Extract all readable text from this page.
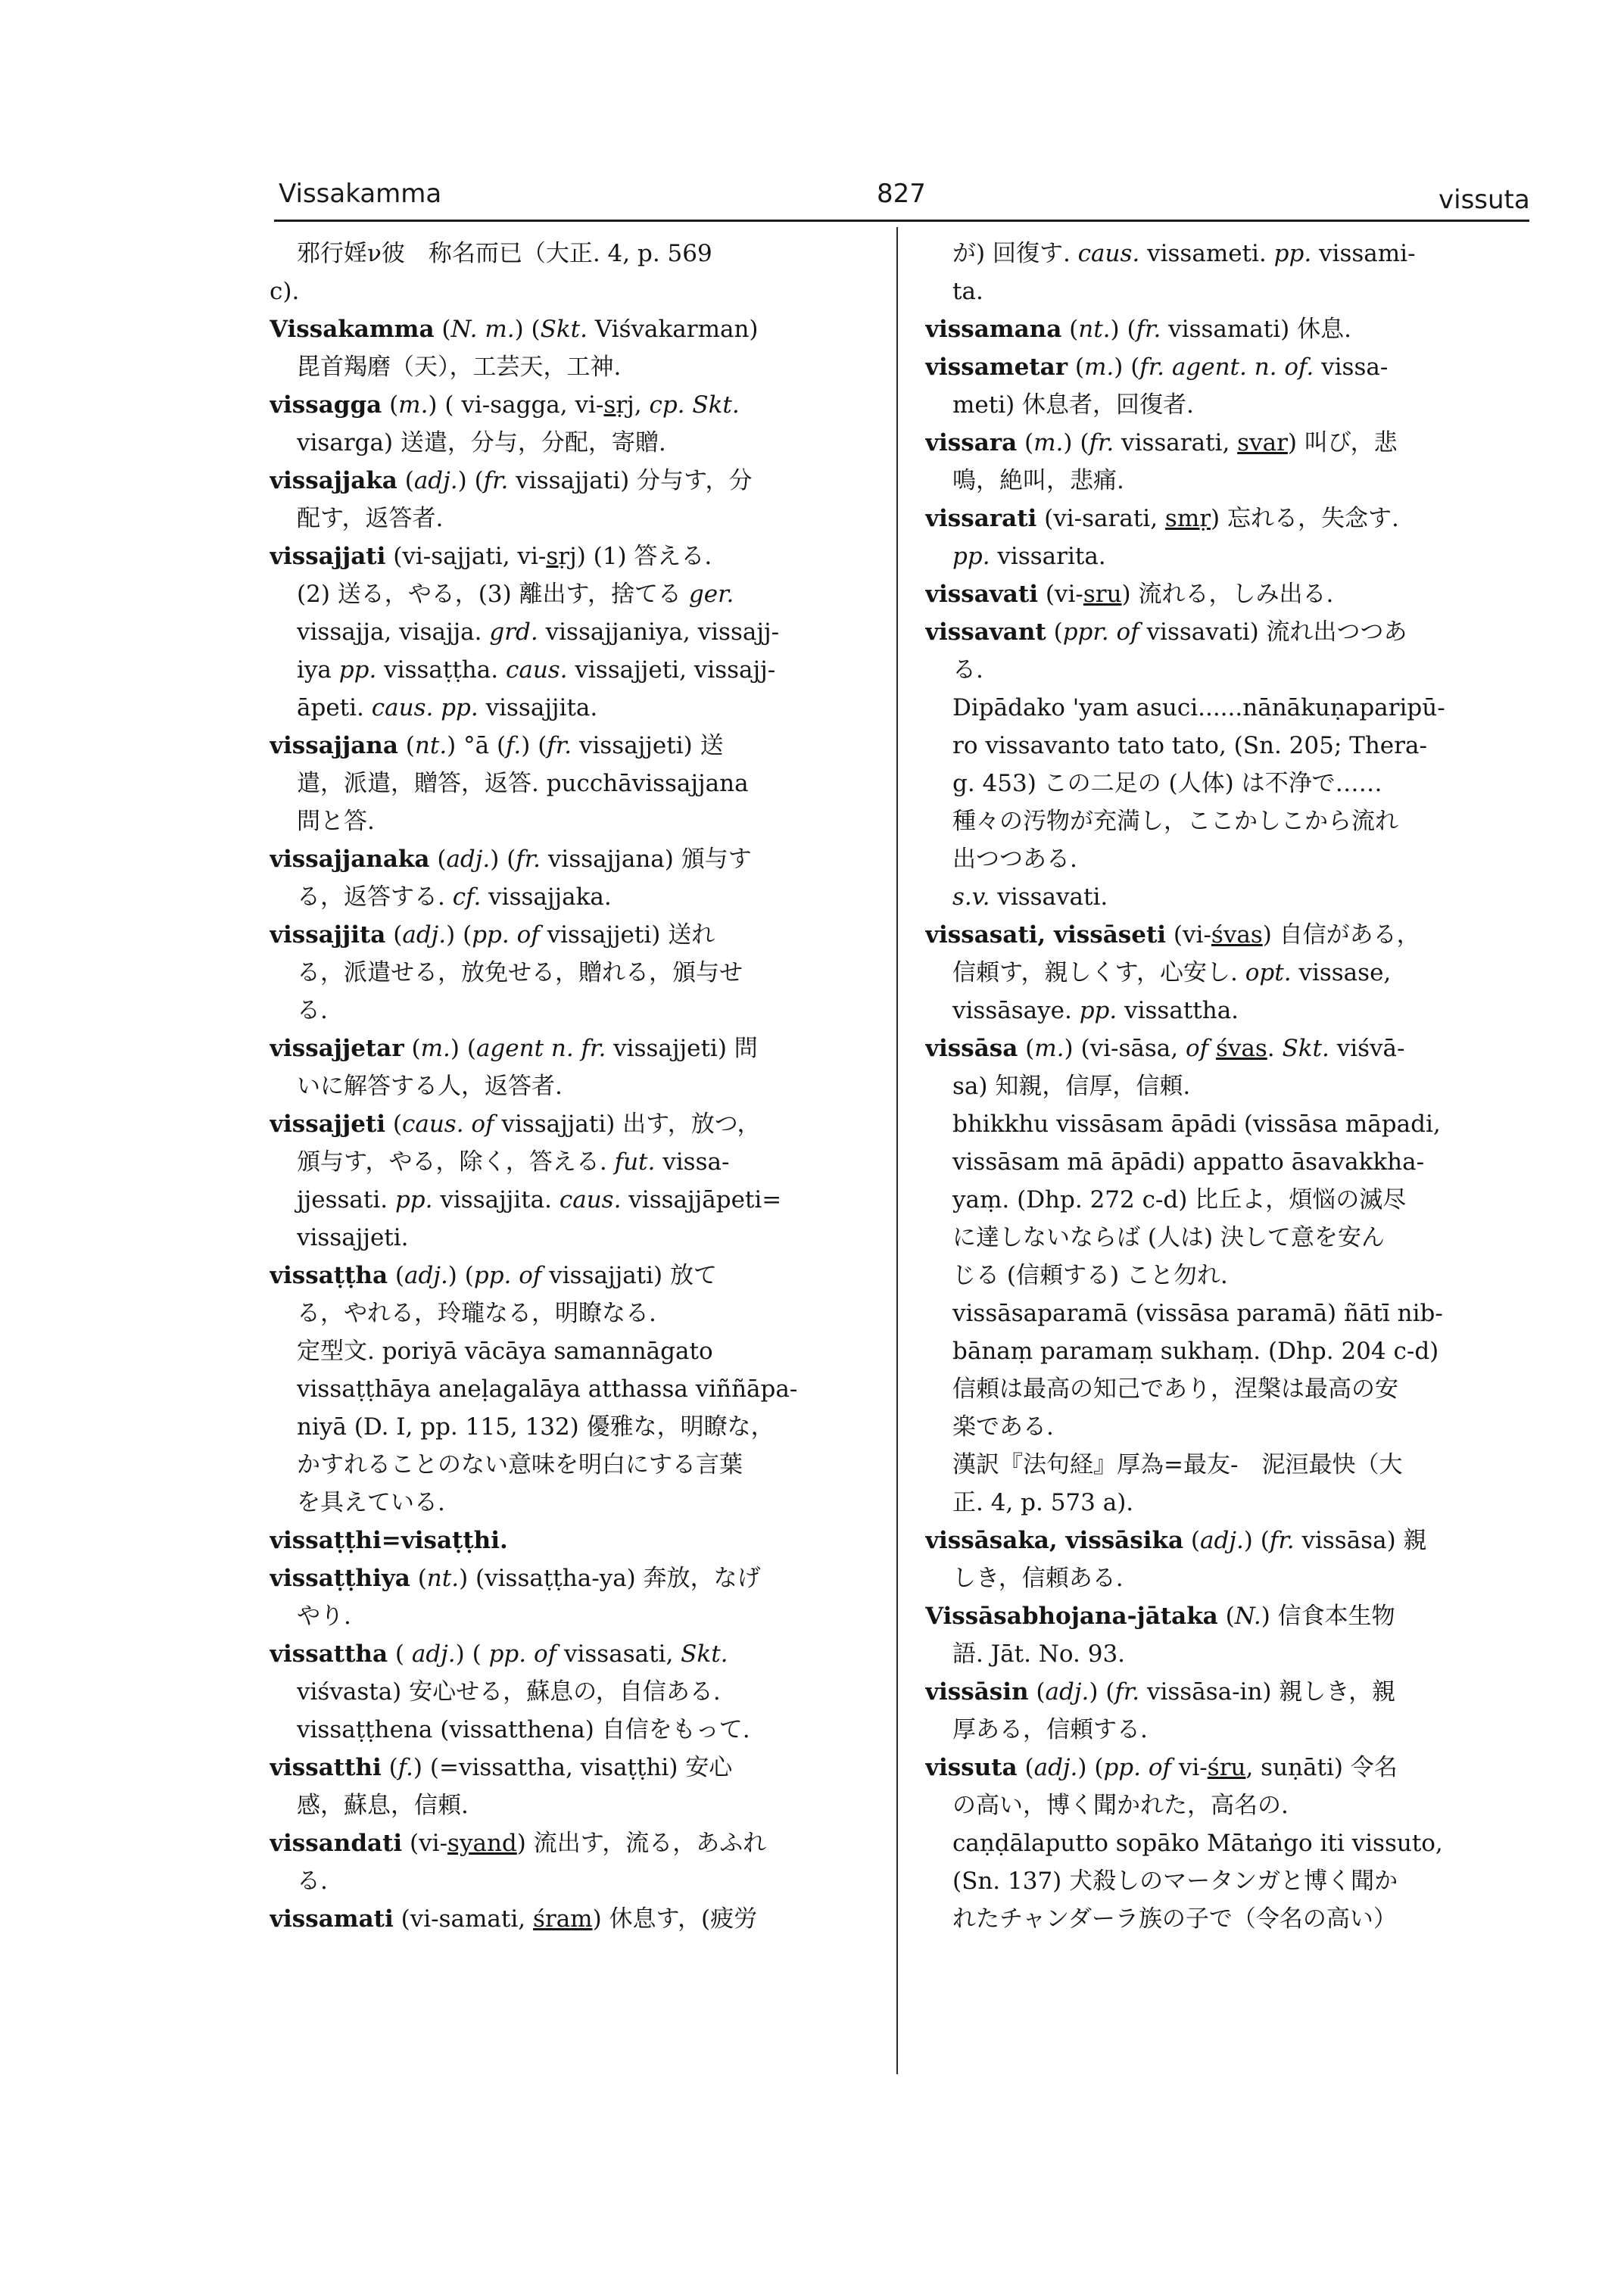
Vissakamma	827	vissuta
邪行婬ν彼　称名而已（大正. 4, p. 569
c).
Vissakamma (N. m.) (Skt. Viśvakarman)
毘首羯磨（天），工芸天，工神.
vissagga (m.) ( vi-sagga, vi-sṛj, cp. Skt.
visarga) 送遣，分与，分配，寄贈.
vissajjaka (adj.) (fr. vissajjati) 分与す，分
配す，返答者.
vissajjati (vi-sajjati, vi-sṛj) (1) 答える.
(2) 送る，やる，(3) 離出す，捨てる ger.
vissajja, visajja. grd. vissajjaniya, vissajj-
iya pp. vissaṭṭha. caus. vissajjeti, vissajj-
āpeti. caus. pp. vissajjita.
vissajjana (nt.) °ā (f.) (fr. vissajjeti) 送
遣，派遣，贈答，返答. pucchāvissajjana
問と答.
vissajjanaka (adj.) (fr. vissajjana) 頒与す
る，返答する. cf. vissajjaka.
vissajjita (adj.) (pp. of vissajjeti) 送れ
る，派遣せる，放免せる，贈れる，頒与せ
る.
vissajjetar (m.) (agent n. fr. vissajjeti) 問
いに解答する人，返答者.
vissajjeti (caus. of vissajjati) 出す，放つ，
頒与す，やる，除く，答える. fut. vissa-
jjessati. pp. vissajjita. caus. vissajjāpeti=
vissajjeti.
vissaṭṭha (adj.) (pp. of vissajjati) 放て
る，やれる，玲瓏なる，明瞭なる.
定型文. poriyā vācāya samannāgato
vissaṭṭhāya aneḷagalāya atthassa viññāpa-
niyā (D. I, pp. 115, 132) 優雅な，明瞭な，
かすれることのない意味を明白にする言葉
を具えている.
vissaṭṭhi=visaṭṭhi.
vissaṭṭhiya (nt.) (vissaṭṭha-ya) 奔放，なげ
やり.
vissattha ( adj.) ( pp. of vissasati, Skt.
viśvasta) 安心せる，蘇息の，自信ある.
vissaṭṭhena (vissatthena) 自信をもって.
vissatthi (f.) (=vissattha, visaṭṭhi) 安心
感，蘇息，信頼.
vissandati (vi-syand) 流出す，流る，あふれ
る.
vissamati (vi-samati, śram) 休息す，(疲労
が) 回復す. caus. vissameti. pp. vissami-
ta.
vissamana (nt.) (fr. vissamati) 休息.
vissametar (m.) (fr. agent. n. of. vissa-
meti) 休息者，回復者.
vissara (m.) (fr. vissarati, svar) 叫び，悲
鳴，絶叫，悲痛.
vissarati (vi-sarati, smṛ) 忘れる，失念す.
pp. vissarita.
vissavati (vi-sru) 流れる，しみ出る.
vissavant (ppr. of vissavati) 流れ出つつあ
る.
Dipādako 'yam asuci......nānākuṇaparipū-
ro vissavanto tato tato, (Sn. 205; Thera-
g. 453) この二足の (人体) は不浄で……
種々の汚物が充満し，ここかしこから流れ
出つつある.
s.v. vissavati.
vissasati, vissāseti (vi-śvas) 自信がある，
信頼す，親しくす，心安し. opt. vissase,
vissāsaye. pp. vissattha.
vissāsa (m.) (vi-sāsa, of śvas. Skt. viśvā-
sa) 知親，信厚，信頼.
bhikkhu vissāsam āpādi (vissāsa māpadi,
vissāsam mā āpādi) appatto āsavakkha-
yaṃ. (Dhp. 272 c-d) 比丘よ，煩悩の滅尽
に達しないならば (人は) 決して意を安ん
じる (信頼する) こと勿れ.
vissāsaparamā (vissāsa paramā) ñātī nib-
bānaṃ paramaṃ sukhaṃ. (Dhp. 204 c-d)
信頼は最高の知己であり，涅槃は最高の安
楽である.
漢訳『法句経』厚為=最友-　泥洹最快（大
正. 4, p. 573 a).
vissāsaka, vissāsika (adj.) (fr. vissāsa) 親
しき，信頼ある.
Vissāsabhojana-jātaka (N.) 信食本生物
語. Jāt. No. 93.
vissāsin (adj.) (fr. vissāsa-in) 親しき，親
厚ある，信頼する.
vissuta (adj.) (pp. of vi-śru, suṇāti) 令名
の高い，博く聞かれた，高名の.
caṇḍālaputto sopāko Mātaṅgo iti vissuto,
(Sn. 137) 犬殺しのマータンガと博く聞か
れたチャンダーラ族の子で（令名の高い）
